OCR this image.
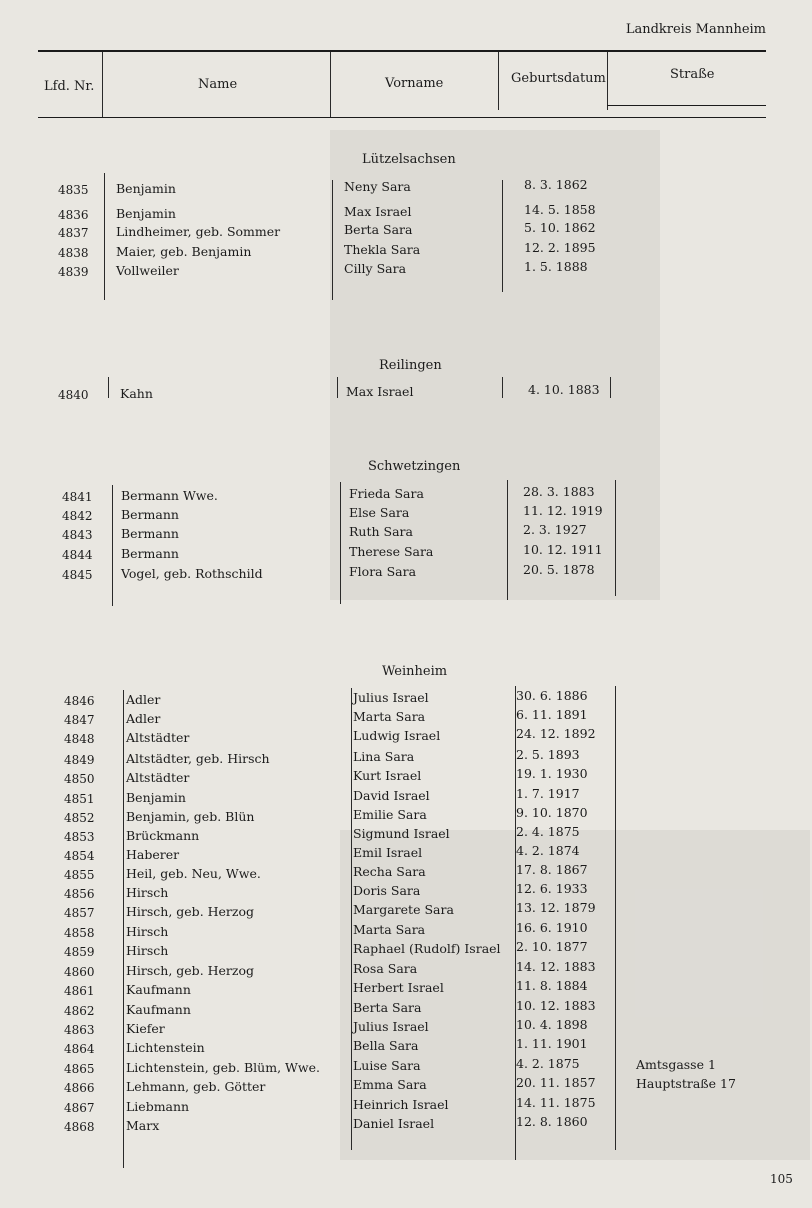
Landkreis Mannheim
Lfd. Nr.	Name	Vorname	Geburtsdatum	Straße
Lützelsachsen
4835 Benjamin	Neny Sara	8. 3. 1862
4836 Benjamin	Max Israel	14. 5. 1858
4837 Lindheimer, geb. Sommer	Berta Sara	5. 10. 1862
4838 Maier, geb. Benjamin	Thekla Sara	12. 2. 1895
4839 Vollweiler	Cilly Sara	1. 5. 1888
Reilingen
4840	Kahn	Max Israel	4. 10. 1883
Schwetzingen
4841 Bermann Wwe.	Frieda Sara	28. 3. 1883
4842 Bermann	Else Sara	11. 12. 1919
4843 Bermann	Ruth Sara	2. 3. 1927
4844 Bermann	Therese Sara	10. 12. 1911
4845 Vogel, geb. Rothschild	Flora Sara	20. 5. 1878
Weinheim
4846	Adler	Julius Israel	30. 6. 1886
4847	Adler	Marta Sara	6. 11. 1891
4848	Altstädter	Ludwig Israel	24. 12. 1892
4849	Altstädter, geb. Hirsch	Lina Sara	2. 5. 1893
4850	Altstädter	Kurt Israel	19. 1. 1930
4851	Benjamin	David Israel	1. 7. 1917
4852	Benjamin, geb. Blün	Emilie Sara	9. 10. 1870
4853	Brückmann	Sigmund Israel	2. 4. 1875
4854	Haberer	Emil Israel	4. 2. 1874
4855	Heil, geb. Neu, Wwe.	Recha Sara	17. 8. 1867
4856	Hirsch	Doris Sara	12. 6. 1933
4857	Hirsch, geb. Herzog	Margarete Sara	13. 12. 1879
4858	Hirsch	Marta Sara	16. 6. 1910
4859	Hirsch	Raphael (Rudolf) Israel 2. 10. 1877
4860	Hirsch, geb. Herzog	Rosa Sara	14. 12. 1883
4861	Kaufmann	Herbert Israel	11. 8. 1884
4862	Kaufmann	Berta Sara	10. 12. 1883
4863	Kiefer	Julius Israel	10. 4. 1898
4864	Lichtenstein	Bella Sara	1. 11. 1901
4865	Lichtenstein, geb. Blüm, Wwe.	Luise Sara	4. 2. 1875	Amtsgasse 1
4866	Lehmann, geb. Götter	Emma Sara	20. 11. 1857	Hauptstraße 17
4867	Liebmann	Heinrich Israel	14. 11. 1875
4868	Marx	Daniel Israel	12. 8. 1860
105
